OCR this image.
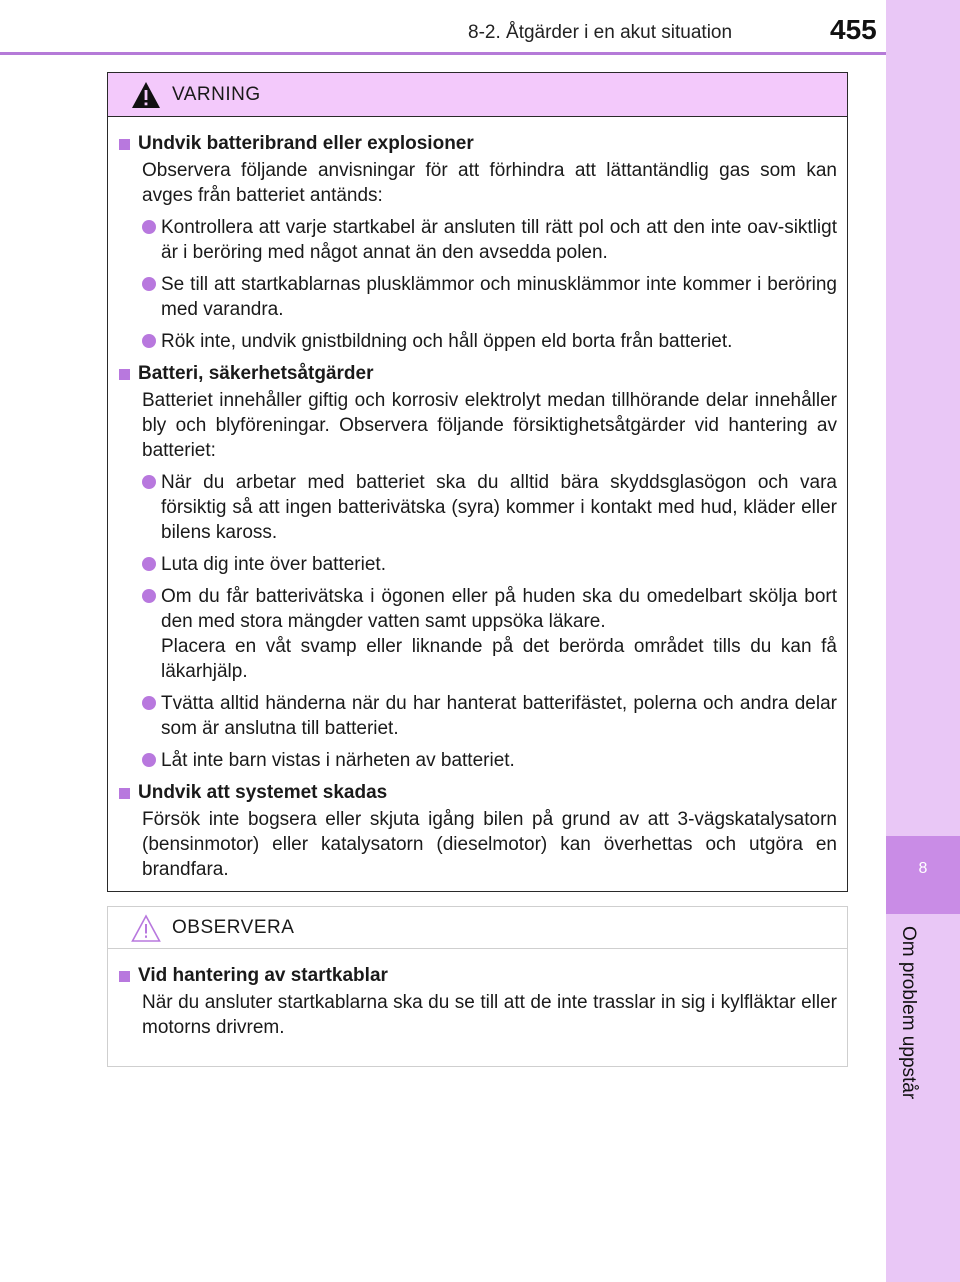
8-2. Åtgärder i en akut situation	455
8
Om problem uppstår
VARNING
Undvik batteribrand eller explosioner

Observera följande anvisningar för att förhindra att lättantändlig gas som kan avges från batteriet antänds:

Kontrollera att varje startkabel är ansluten till rätt pol och att den inte oav-siktligt är i beröring med något annat än den avsedda polen.
Se till att startkablarnas plusklämmor och minusklämmor inte kommer i beröring med varandra.
Rök inte, undvik gnistbildning och håll öppen eld borta från batteriet.
Batteri, säkerhetsåtgärder

Batteriet innehåller giftig och korrosiv elektrolyt medan tillhörande delar innehåller bly och blyföreningar. Observera följande försiktighetsåtgärder vid hantering av batteriet:

När du arbetar med batteriet ska du alltid bära skyddsglasögon och vara försiktig så att ingen batterivätska (syra) kommer i kontakt med hud, kläder eller bilens kaross.
Luta dig inte över batteriet.
Om du får batterivätska i ögonen eller på huden ska du omedelbart skölja bort den med stora mängder vatten samt uppsöka läkare.
Placera en våt svamp eller liknande på det berörda området tills du kan få läkarhjälp.
Tvätta alltid händerna när du har hanterat batterifästet, polerna och andra delar som är anslutna till batteriet.
Låt inte barn vistas i närheten av batteriet.
Undvik att systemet skadas

Försök inte bogsera eller skjuta igång bilen på grund av att 3-vägskatalysatorn (bensinmotor) eller katalysatorn (dieselmotor) kan överhettas och utgöra en brandfara.

OBSERVERA
Vid hantering av startkablar

När du ansluter startkablarna ska du se till att de inte trasslar in sig i kylfläktar eller motorns drivrem.
